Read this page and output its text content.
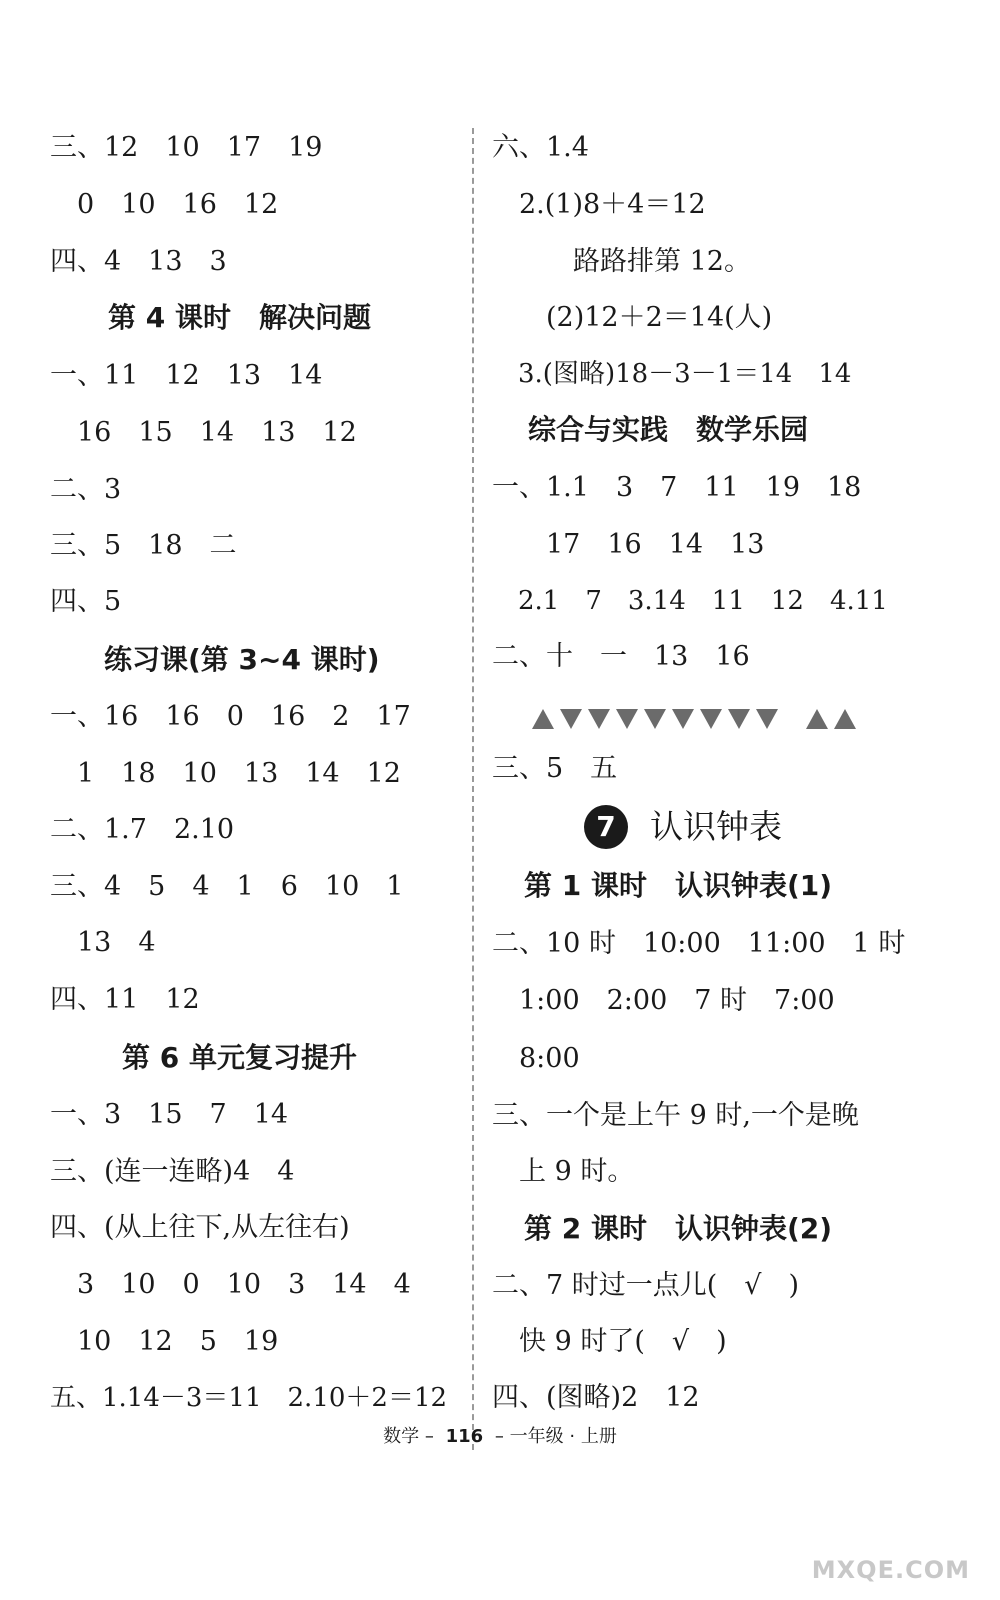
三、12　10　17　19
　0　10　16　12
四、4　13　3
第 4 课时　解决问题
一、11　12　13　14
　16　15　14　13　12
二、3
三、5　18　二
四、5
练习课(第 3~4 课时)
一、16　16　0　16　2　17
　1　18　10　13　14　12
二、1.7　2.10
三、4　5　4　1　6　10　1
　13　4
四、11　12
第 6 单元复习提升
一、3　15　7　14
三、(连一连略)4　4
四、(从上往下,从左往右)
　3　10　0　10　3　14　4
　10　12　5　19
五、1.14－3＝11　2.10＋2＝12
六、1.4
　2.(1)8＋4＝12
　　　路路排第 12。
　　(2)12＋2＝14(人)
　3.(图略)18－3－1＝14　14
综合与实践　数学乐园
一、1.1　3　7　11　19　18
　　17　16　14　13
　2.1　7　3.14　11　12　4.11
二、十　一　13　16
三、5　五
7	认识钟表
第 1 课时　认识钟表(1)
二、10 时　10:00　11:00　1 时
　1:00　2:00　7 时　7:00
　8:00
三、一个是上午 9 时,一个是晚
　上 9 时。
第 2 课时　认识钟表(2)
二、7 时过一点儿(　√　)
　快 9 时了(　√　)
四、(图略)2　12
数学 – 116 – 一年级 · 上册
MXQE.COM
